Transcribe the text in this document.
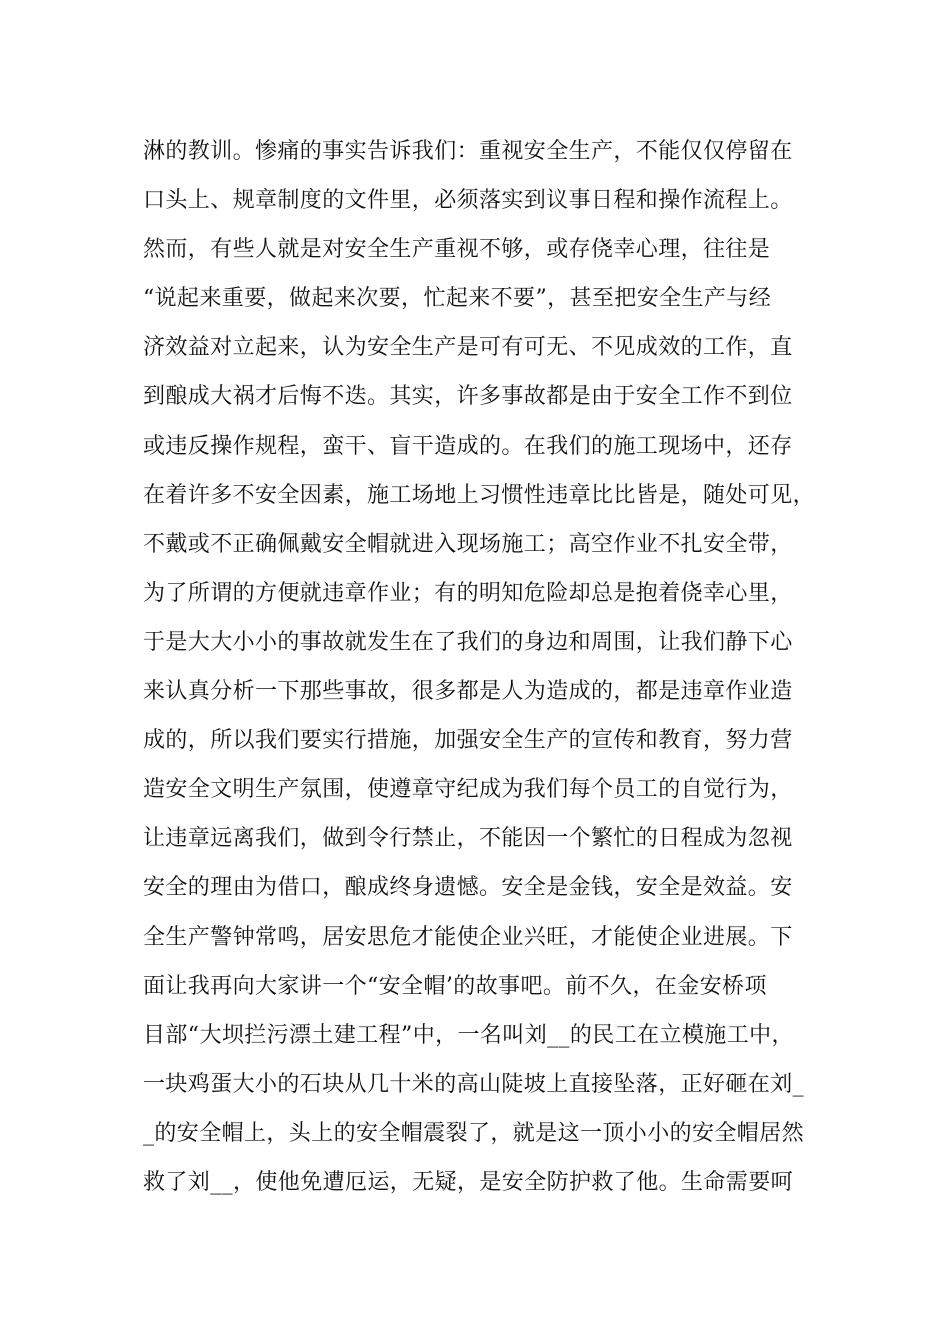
淋的教训。惨痛的事实告诉我们：重视安全生产，不能仅仅停留在
口头上、规章制度的文件里，必须落实到议事日程和操作流程上。
然而，有些人就是对安全生产重视不够，或存侥幸心理，往往是
“说起来重要，做起来次要，忙起来不要”，甚至把安全生产与经
济效益对立起来，认为安全生产是可有可无、不见成效的工作，直
到酿成大祸才后悔不迭。其实，许多事故都是由于安全工作不到位
或违反操作规程，蛮干、盲干造成的。在我们的施工现场中，还存
在着许多不安全因素，施工场地上习惯性违章比比皆是，随处可见，
不戴或不正确佩戴安全帽就进入现场施工；高空作业不扎安全带，
为了所谓的方便就违章作业；有的明知危险却总是抱着侥幸心里，
于是大大小小的事故就发生在了我们的身边和周围，让我们静下心
来认真分析一下那些事故，很多都是人为造成的，都是违章作业造
成的，所以我们要实行措施，加强安全生产的宣传和教育，努力营
造安全文明生产氛围，使遵章守纪成为我们每个员工的自觉行为，
让违章远离我们，做到令行禁止，不能因一个繁忙的日程成为忽视
安全的理由为借口，酿成终身遗憾。安全是金钱，安全是效益。安
全生产警钟常鸣，居安思危才能使企业兴旺，才能使企业进展。下
面让我再向大家讲一个“安全帽’的故事吧。前不久，在金安桥项
目部“大坝拦污漂土建工程”中，一名叫刘__的民工在立模施工中，
一块鸡蛋大小的石块从几十米的高山陡坡上直接坠落，正好砸在刘_
_的安全帽上，头上的安全帽震裂了，就是这一顶小小的安全帽居然
救了刘__，使他免遭厄运，无疑，是安全防护救了他。生命需要呵
